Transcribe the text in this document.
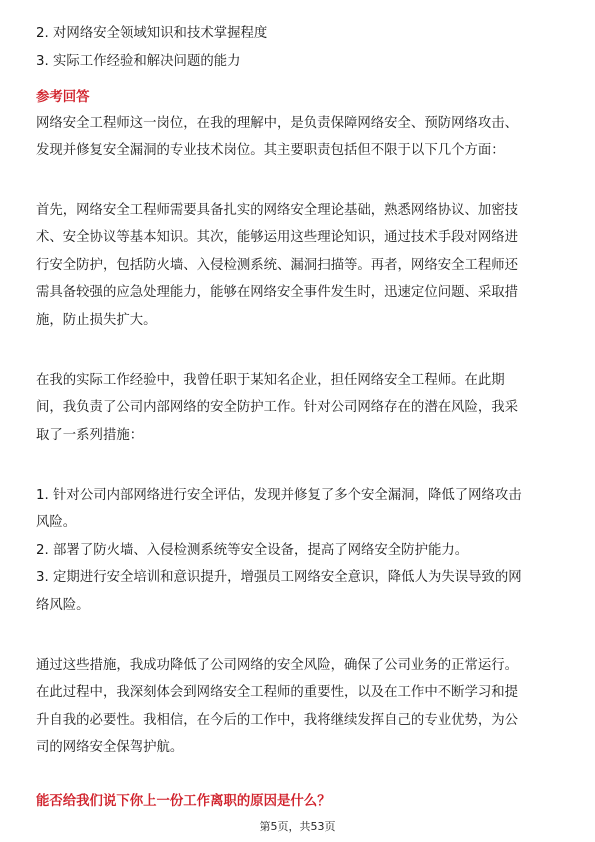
2. 对网络安全领域知识和技术掌握程度
3. 实际工作经验和解决问题的能力
参考回答
网络安全工程师这一岗位，在我的理解中，是负责保障网络安全、预防网络攻击、
发现并修复安全漏洞的专业技术岗位。其主要职责包括但不限于以下几个方面：
首先，网络安全工程师需要具备扎实的网络安全理论基础，熟悉网络协议、加密技
术、安全协议等基本知识。其次，能够运用这些理论知识，通过技术手段对网络进
行安全防护，包括防火墙、入侵检测系统、漏洞扫描等。再者，网络安全工程师还
需具备较强的应急处理能力，能够在网络安全事件发生时，迅速定位问题、采取措
施，防止损失扩大。
在我的实际工作经验中，我曾任职于某知名企业，担任网络安全工程师。在此期
间，我负责了公司内部网络的安全防护工作。针对公司网络存在的潜在风险，我采
取了一系列措施：
1. 针对公司内部网络进行安全评估，发现并修复了多个安全漏洞，降低了网络攻击
风险。
2. 部署了防火墙、入侵检测系统等安全设备，提高了网络安全防护能力。
3. 定期进行安全培训和意识提升，增强员工网络安全意识，降低人为失误导致的网
络风险。
通过这些措施，我成功降低了公司网络的安全风险，确保了公司业务的正常运行。
在此过程中，我深刻体会到网络安全工程师的重要性，以及在工作中不断学习和提
升自我的必要性。我相信，在今后的工作中，我将继续发挥自己的专业优势，为公
司的网络安全保驾护航。
能否给我们说下你上一份工作离职的原因是什么？
第5页，共53页
